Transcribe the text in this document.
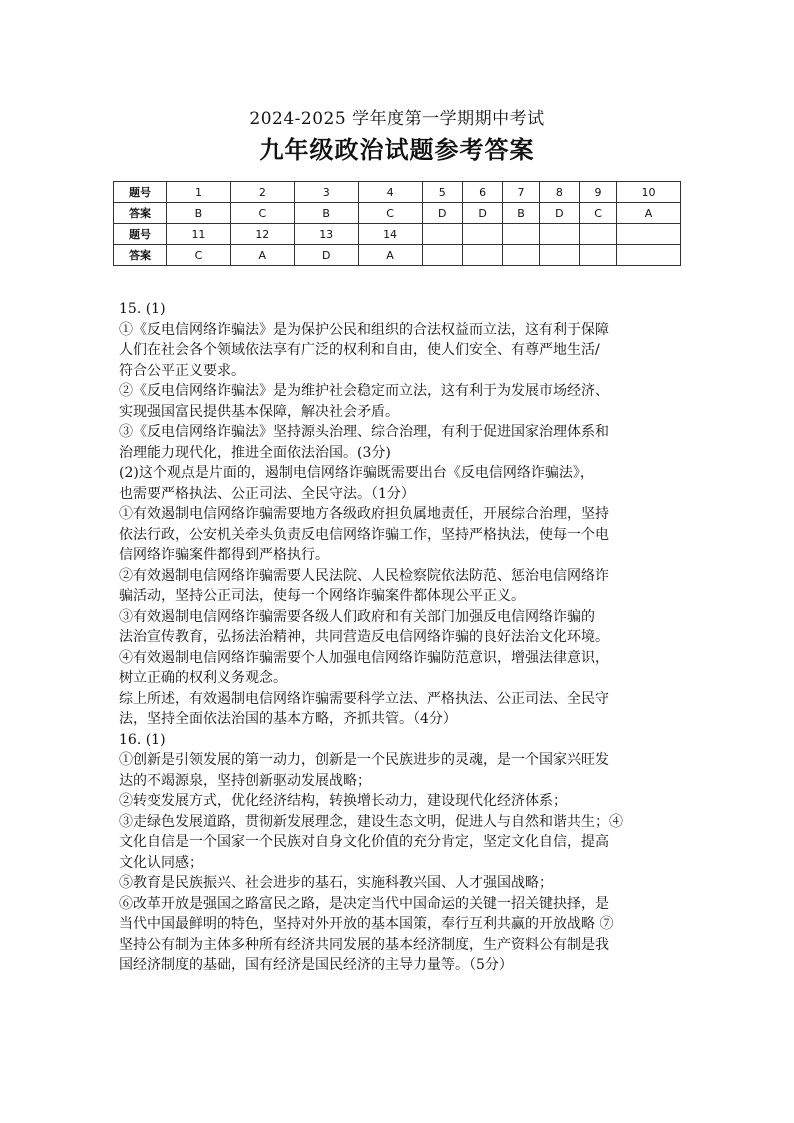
2024-2025 学年度第一学期期中考试
九年级政治试题参考答案
题号	1	2	3	4	5	6	7	8	9	10
答案	B	C	B	C	D	D	B	D	C	A
题号	11	12	13	14						
答案	C	A	D	A						

15. (1)

①《反电信网络诈骗法》是为保护公民和组织的合法权益而立法，这有利于保障

人们在社会各个领域依法享有广泛的权利和自由，使人们安全、有尊严地生活/

符合公平正义要求。

②《反电信网络诈骗法》是为维护社会稳定而立法，这有利于为发展市场经济、

实现强国富民提供基本保障，解决社会矛盾。

③《反电信网络诈骗法》坚持源头治理、综合治理，有利于促进国家治理体系和

治理能力现代化，推进全面依法治国。(3分)

(2)这个观点是片面的，遏制电信网络诈骗既需要出台《反电信网络诈骗法》，

也需要严格执法、公正司法、全民守法。（1分）

①有效遏制电信网络诈骗需要地方各级政府担负属地责任，开展综合治理，坚持

依法行政，公安机关牵头负责反电信网络诈骗工作，坚持严格执法，使每一个电

信网络诈骗案件都得到严格执行。

②有效遏制电信网络诈骗需要人民法院、人民检察院依法防范、惩治电信网络诈

骗活动，坚持公正司法，使每一个网络诈骗案件都体现公平正义。

③有效遏制电信网络诈骗需要各级人们政府和有关部门加强反电信网络诈骗的

法治宣传教育，弘扬法治精神，共同营造反电信网络诈骗的良好法治文化环境。

④有效遏制电信网络诈骗需要个人加强电信网络诈骗防范意识，增强法律意识，

树立正确的权利义务观念。

综上所述，有效遏制电信网络诈骗需要科学立法、严格执法、公正司法、全民守

法，坚持全面依法治国的基本方略，齐抓共管。（4分）

16. (1)

①创新是引领发展的第一动力，创新是一个民族进步的灵魂，是一个国家兴旺发

达的不竭源泉，坚持创新驱动发展战略；

②转变发展方式，优化经济结构，转换增长动力，建设现代化经济体系；

③走绿色发展道路，贯彻新发展理念，建设生态文明，促进人与自然和谐共生；④

文化自信是一个国家一个民族对自身文化价值的充分肯定，坚定文化自信，提高

文化认同感；

⑤教育是民族振兴、社会进步的基石，实施科教兴国、人才强国战略；

⑥改革开放是强国之路富民之路，是决定当代中国命运的关键一招关键抉择，是

当代中国最鲜明的特色，坚持对外开放的基本国策，奉行互利共赢的开放战略 ⑦

坚持公有制为主体多种所有经济共同发展的基本经济制度，生产资料公有制是我

国经济制度的基础，国有经济是国民经济的主导力量等。（5分）
